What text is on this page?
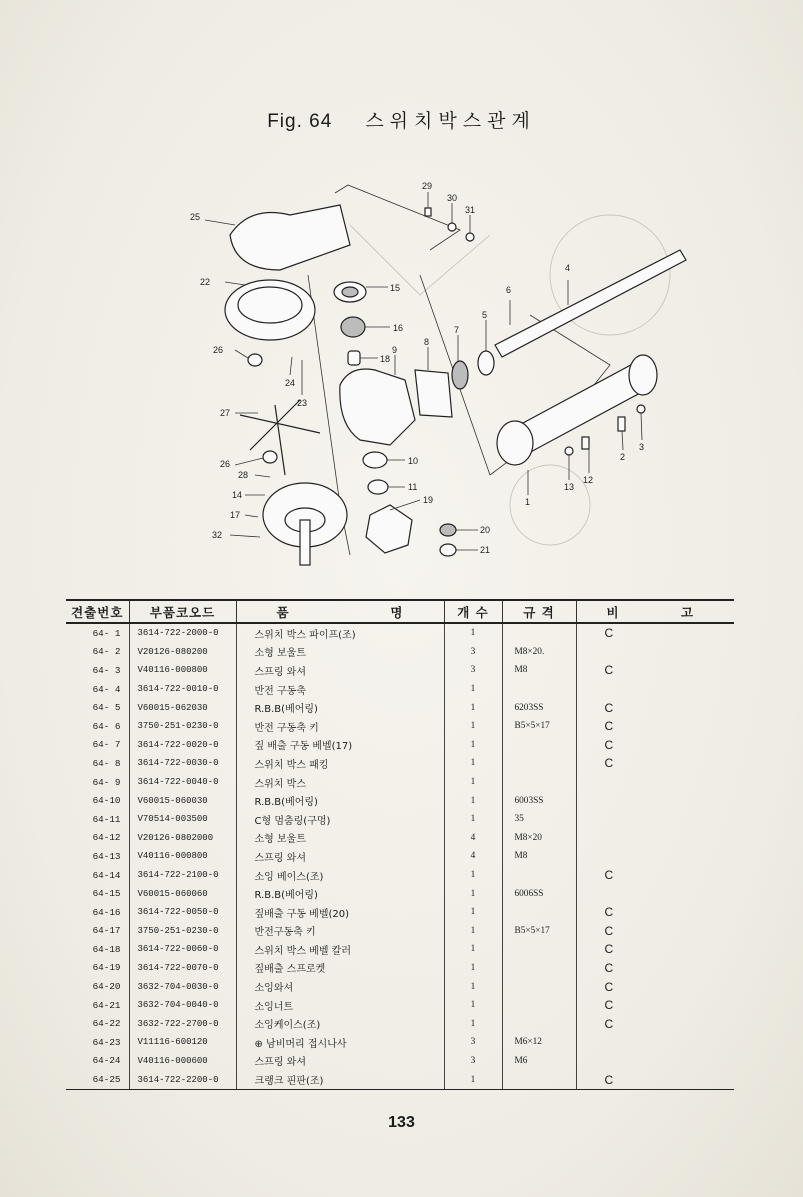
Fig. 64 스위치박스관계
1
2
3
4
5
6
7
8
9
10
11
12
13
14
15
16
17
18
19
20
21
22
23
24
25
26
26
27
28
29
30
31
32
견출번호	부품코오드	품 명	개 수	규 격	비 고

64- 1	3614-722-2000-0	스위치 박스 파이프(조)	1		C
64- 2	V20126-080200	소형 보울트	3	M8×20.	
64- 3	V40116-000800	스프링 와셔	3	M8	C
64- 4	3614-722-0010-0	반전 구동축	1		
64- 5	V60015-062030	R.B.B(베어링)	1	6203SS	C
64- 6	3750-251-0230-0	반전 구동축 키	1	B5×5×17	C
64- 7	3614-722-0020-0	짚 배출 구동 베벨(17)	1		C
64- 8	3614-722-0030-0	스위치 박스 패킹	1		C
64- 9	3614-722-0040-0	스위치 박스	1		
64-10	V60015-060030	R.B.B(베어링)	1	6003SS	
64-11	V70514-003500	C형 멈춤링(구멍)	1	35	
64-12	V20126-0802000	소형 보울트	4	M8×20	
64-13	V40116-000800	스프링 와셔	4	M8	
64-14	3614-722-2100-0	소잉 베이스(조)	1		C
64-15	V60015-060060	R.B.B(베어링)	1	6006SS	
64-16	3614-722-0050-0	짚배출 구동 베벨(20)	1		C
64-17	3750-251-0230-0	반전구동축 키	1	B5×5×17	C
64-18	3614-722-0060-0	스위치 박스 베벨 칼러	1		C
64-19	3614-722-0070-0	짚배출 스프로켓	1		C
64-20	3632-704-0030-0	소잉와셔	1		C
64-21	3632-704-0040-0	소잉너트	1		C
64-22	3632-722-2700-0	소잉케이스(조)	1		C
64-23	V11116-600120	⊕ 남비머리 접시나사	3	M6×12	
64-24	V40116-000600	스프링 와셔	3	M6	
64-25	3614-722-2200-0	크랭크 핀판(조)	1		C
133
